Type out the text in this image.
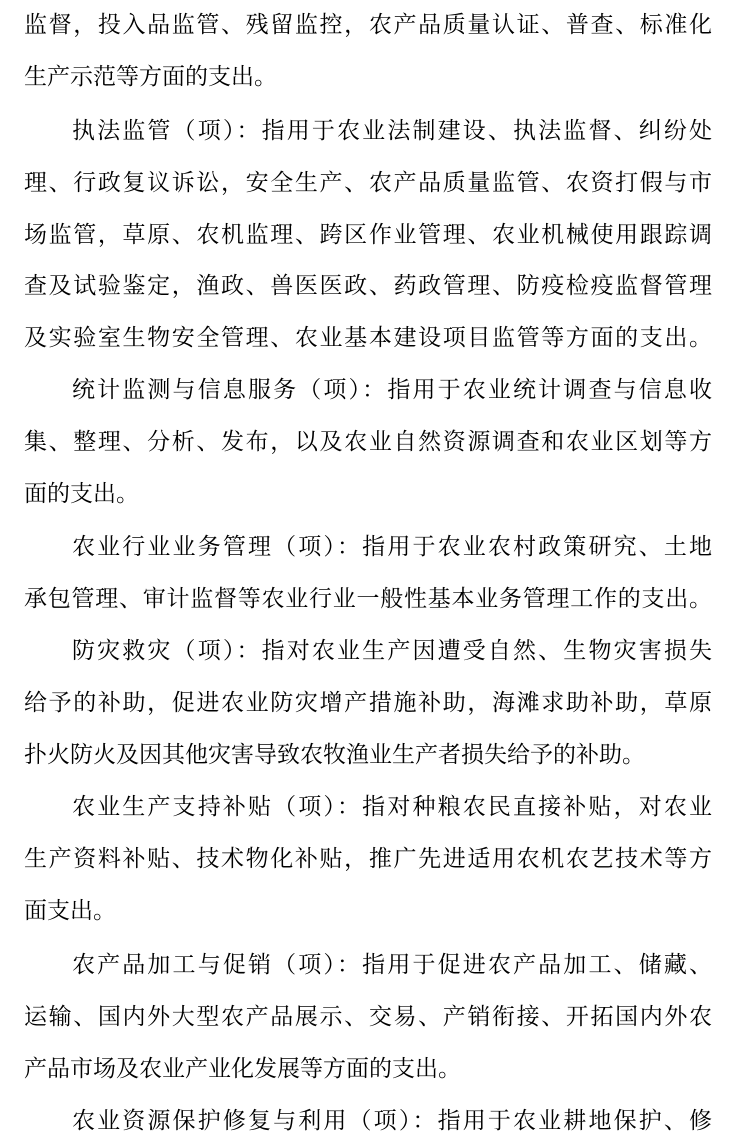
监督，投入品监管、残留监控，农产品质量认证、普查、标准化
生产示范等方面的支出。
执法监管（项）：指用于农业法制建设、执法监督、纠纷处
理、行政复议诉讼，安全生产、农产品质量监管、农资打假与市
场监管，草原、农机监理、跨区作业管理、农业机械使用跟踪调
查及试验鉴定，渔政、兽医医政、药政管理、防疫检疫监督管理
及实验室生物安全管理、农业基本建设项目监管等方面的支出。
统计监测与信息服务（项）：指用于农业统计调查与信息收
集、整理、分析、发布，以及农业自然资源调查和农业区划等方
面的支出。
农业行业业务管理（项）：指用于农业农村政策研究、土地
承包管理、审计监督等农业行业一般性基本业务管理工作的支出。
防灾救灾（项）：指对农业生产因遭受自然、生物灾害损失
给予的补助，促进农业防灾增产措施补助，海滩求助补助，草原
扑火防火及因其他灾害导致农牧渔业生产者损失给予的补助。
农业生产支持补贴（项）：指对种粮农民直接补贴，对农业
生产资料补贴、技术物化补贴，推广先进适用农机农艺技术等方
面支出。
农产品加工与促销（项）：指用于促进农产品加工、储藏、
运输、国内外大型农产品展示、交易、产销衔接、开拓国内外农
产品市场及农业产业化发展等方面的支出。
农业资源保护修复与利用（项）：指用于农业耕地保护、修
